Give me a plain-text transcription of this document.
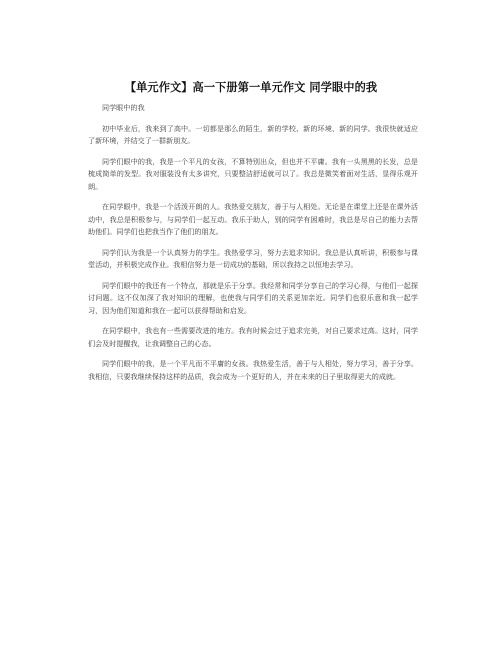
【单元作文】高一下册第一单元作文 同学眼中的我

同学眼中的我

初中毕业后，我来到了高中。一切都是那么的陌生，新的学校、新的环境、新的同学。我很快就适应了新环境，并结交了一群新朋友。

同学们眼中的我，我是一个平凡的女孩，不算特别出众，但也并不平庸。我有一头黑黑的长发，总是梳成简单的发型。我对服装没有太多讲究，只要整洁舒适就可以了。我总是微笑着面对生活，显得乐观开朗。

在同学眼中，我是一个活泼开朗的人。我热爱交朋友，善于与人相处。无论是在课堂上还是在课外活动中，我总是积极参与，与同学们一起互动。我乐于助人，别的同学有困难时，我总是尽自己的能力去帮助他们。同学们也把我当作了他们的朋友。

同学们认为我是一个认真努力的学生。我热爱学习，努力去追求知识。我总是认真听讲，积极参与课堂活动，并积极完成作业。我相信努力是一切成功的基础，所以我持之以恒地去学习。

同学们眼中的我还有一个特点，那就是乐于分享。我经常和同学分享自己的学习心得，与他们一起探讨问题。这不仅加深了我对知识的理解，也使我与同学们的关系更加亲近。同学们也很乐意和我一起学习，因为他们知道和我在一起可以获得帮助和启发。

在同学眼中，我也有一些需要改进的地方。我有时候会过于追求完美，对自己要求过高。这时，同学们会及时提醒我，让我调整自己的心态。

同学们眼中的我，是一个平凡而不平庸的女孩。我热爱生活，善于与人相处，努力学习，善于分享。我相信，只要我继续保持这样的品质，我会成为一个更好的人，并在未来的日子里取得更大的成就。
